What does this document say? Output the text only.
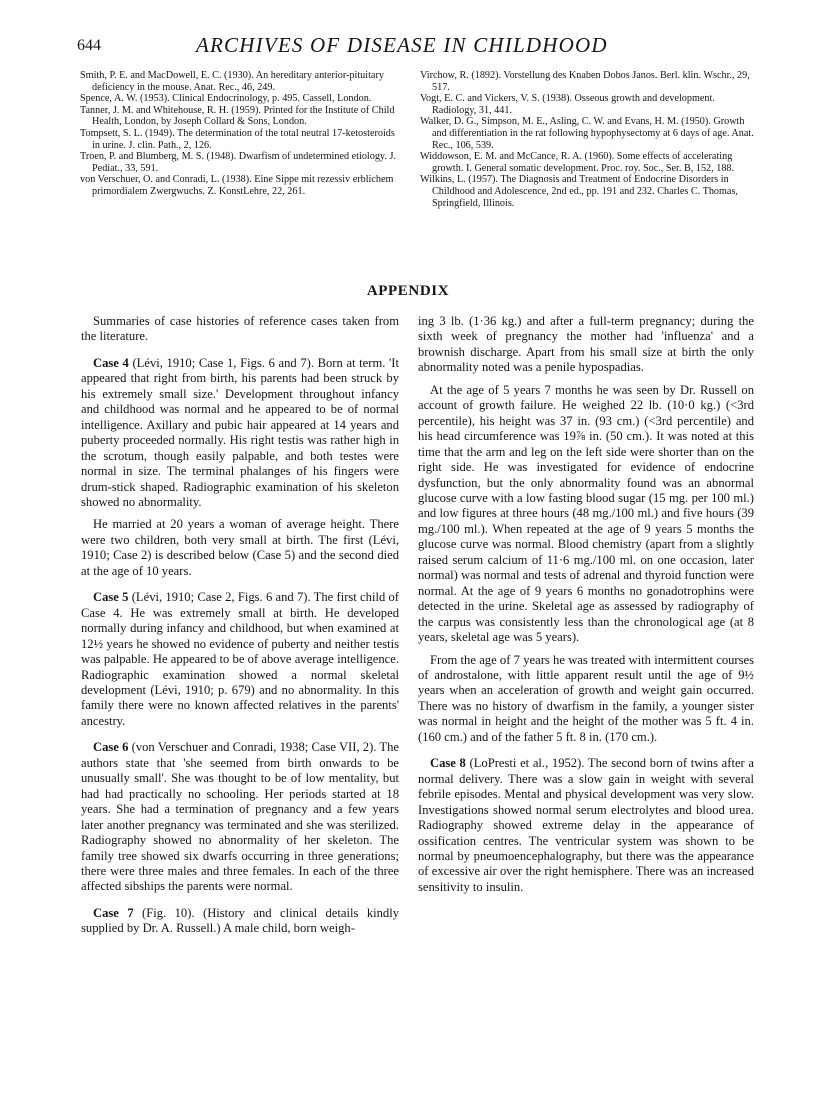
644	ARCHIVES OF DISEASE IN CHILDHOOD
Smith, P. E. and MacDowell, E. C. (1930). An hereditary anterior-pituitary deficiency in the mouse. Anat. Rec., 46, 249.
Spence, A. W. (1953). Clinical Endocrinology, p. 495. Cassell, London.
Tanner, J. M. and Whitehouse, R. H. (1959). Printed for the Institute of Child Health, London, by Joseph Collard & Sons, London.
Tompsett, S. L. (1949). The determination of the total neutral 17-ketosteroids in urine. J. clin. Path., 2, 126.
Troen, P. and Blumberg, M. S. (1948). Dwarfism of undetermined etiology. J. Pediat., 33, 591.
von Verschuer, O. and Conradi, L. (1938). Eine Sippe mit rezessiv erblichem primordialem Zwergwuchs. Z. KonstLehre, 22, 261.
Virchow, R. (1892). Vorstellung des Knaben Dobos Janos. Berl. klin. Wschr., 29, 517.
Vogt, E. C. and Vickers, V. S. (1938). Osseous growth and development. Radiology, 31, 441.
Walker, D. G., Simpson, M. E., Asling, C. W. and Evans, H. M. (1950). Growth and differentiation in the rat following hypophysectomy at 6 days of age. Anat. Rec., 106, 539.
Widdowson, E. M. and McCance, R. A. (1960). Some effects of accelerating growth. I. General somatic development. Proc. roy. Soc., Ser. B, 152, 188.
Wilkins, L. (1957). The Diagnosis and Treatment of Endocrine Disorders in Childhood and Adolescence, 2nd ed., pp. 191 and 232. Charles C. Thomas, Springfield, Illinois.
APPENDIX

Summaries of case histories of reference cases taken from the literature.

Case 4 (Lévi, 1910; Case 1, Figs. 6 and 7). Born at term. 'It appeared that right from birth, his parents had been struck by his extremely small size.' Development throughout infancy and childhood was normal and he appeared to be of normal intelligence. Axillary and pubic hair appeared at 14 years and puberty proceeded normally. His right testis was rather high in the scrotum, though easily palpable, and both testes were normal in size. The terminal phalanges of his fingers were drum-stick shaped. Radiographic examination of his skeleton showed no abnormality.

He married at 20 years a woman of average height. There were two children, both very small at birth. The first (Lévi, 1910; Case 2) is described below (Case 5) and the second died at the age of 10 years.

Case 5 (Lévi, 1910; Case 2, Figs. 6 and 7). The first child of Case 4. He was extremely small at birth. He developed normally during infancy and childhood, but when examined at 12½ years he showed no evidence of puberty and neither testis was palpable. He appeared to be of above average intelligence. Radiographic examination showed a normal skeletal development (Lévi, 1910; p. 679) and no abnormality. In this family there were no known affected relatives in the parents' ancestry.

Case 6 (von Verschuer and Conradi, 1938; Case VII, 2). The authors state that 'she seemed from birth onwards to be unusually small'. She was thought to be of low mentality, but had had practically no schooling. Her periods started at 18 years. She had a termination of pregnancy and a few years later another pregnancy was terminated and she was sterilized. Radiography showed no abnormality of her skeleton. The family tree showed six dwarfs occurring in three generations; there were three males and three females. In each of the three affected sibships the parents were normal.

Case 7 (Fig. 10). (History and clinical details kindly supplied by Dr. A. Russell.) A male child, born weigh-

ing 3 lb. (1·36 kg.) and after a full-term pregnancy; during the sixth week of pregnancy the mother had 'influenza' and a brownish discharge. Apart from his small size at birth the only abnormality noted was a penile hypospadias.

At the age of 5 years 7 months he was seen by Dr. Russell on account of growth failure. He weighed 22 lb. (10·0 kg.) (<3rd percentile), his height was 37 in. (93 cm.) (<3rd percentile) and his head circumference was 19⅞ in. (50 cm.). It was noted at this time that the arm and leg on the left side were shorter than on the right side. He was investigated for evidence of endocrine dysfunction, but the only abnormality found was an abnormal glucose curve with a low fasting blood sugar (15 mg. per 100 ml.) and low figures at three hours (48 mg./100 ml.) and five hours (39 mg./100 ml.). When repeated at the age of 9 years 5 months the glucose curve was normal. Blood chemistry (apart from a slightly raised serum calcium of 11·6 mg./100 ml. on one occasion, later normal) was normal and tests of adrenal and thyroid function were normal. At the age of 9 years 6 months no gonadotrophins were detected in the urine. Skeletal age as assessed by radiography of the carpus was consistently less than the chronological age (at 8 years, skeletal age was 5 years).

From the age of 7 years he was treated with intermittent courses of androstalone, with little apparent result until the age of 9½ years when an acceleration of growth and weight gain occurred. There was no history of dwarfism in the family, a younger sister was normal in height and the height of the mother was 5 ft. 4 in. (160 cm.) and of the father 5 ft. 8 in. (170 cm.).

Case 8 (LoPresti et al., 1952). The second born of twins after a normal delivery. There was a slow gain in weight with several febrile episodes. Mental and physical development was very slow. Investigations showed normal serum electrolytes and blood urea. Radiography showed extreme delay in the appearance of ossification centres. The ventricular system was shown to be normal by pneumoencephalography, but there was the appearance of excessive air over the right hemisphere. There was an increased sensitivity to insulin.
